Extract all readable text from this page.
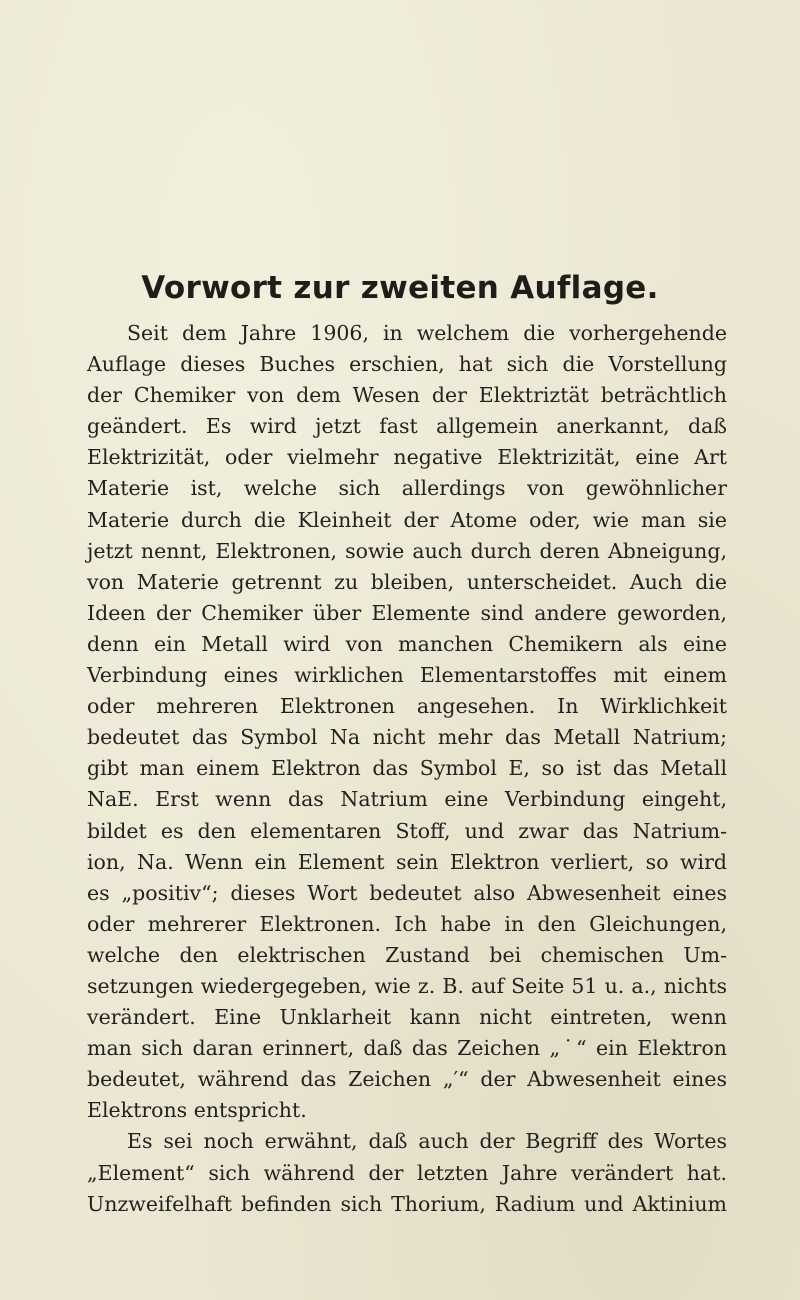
Vorwort zur zweiten Auflage.
Seit dem Jahre 1906, in welchem die vorhergehende
Auflage dieses Buches erschien, hat sich die Vorstellung
der Chemiker von dem Wesen der Elektriztät beträchtlich
geändert. Es wird jetzt fast allgemein anerkannt, daß
Elektrizität, oder vielmehr negative Elektrizität, eine Art
Materie ist, welche sich allerdings von gewöhnlicher
Materie durch die Kleinheit der Atome oder, wie man sie
jetzt nennt, Elektronen, sowie auch durch deren Abneigung,
von Materie getrennt zu bleiben, unterscheidet. Auch die
Ideen der Chemiker über Elemente sind andere geworden,
denn ein Metall wird von manchen Chemikern als eine
Verbindung eines wirklichen Elementarstoffes mit einem
oder mehreren Elektronen angesehen. In Wirklichkeit
bedeutet das Symbol Na nicht mehr das Metall Natrium;
gibt man einem Elektron das Symbol E, so ist das Metall
NaE. Erst wenn das Natrium eine Verbindung eingeht,
bildet es den elementaren Stoff, und zwar das Natrium-
ion, Na. Wenn ein Element sein Elektron verliert, so wird
es „positiv“; dieses Wort bedeutet also Abwesenheit eines
oder mehrerer Elektronen. Ich habe in den Gleichungen,
welche den elektrischen Zustand bei chemischen Um-
setzungen wiedergegeben, wie z. B. auf Seite 51 u. a., nichts
verändert. Eine Unklarheit kann nicht eintreten, wenn
man sich daran erinnert, daß das Zeichen „˙“ ein Elektron
bedeutet, während das Zeichen „′“ der Abwesenheit eines
Elektrons entspricht.
Es sei noch erwähnt, daß auch der Begriff des Wortes
„Element“ sich während der letzten Jahre verändert hat.
Unzweifelhaft befinden sich Thorium, Radium und Aktinium
